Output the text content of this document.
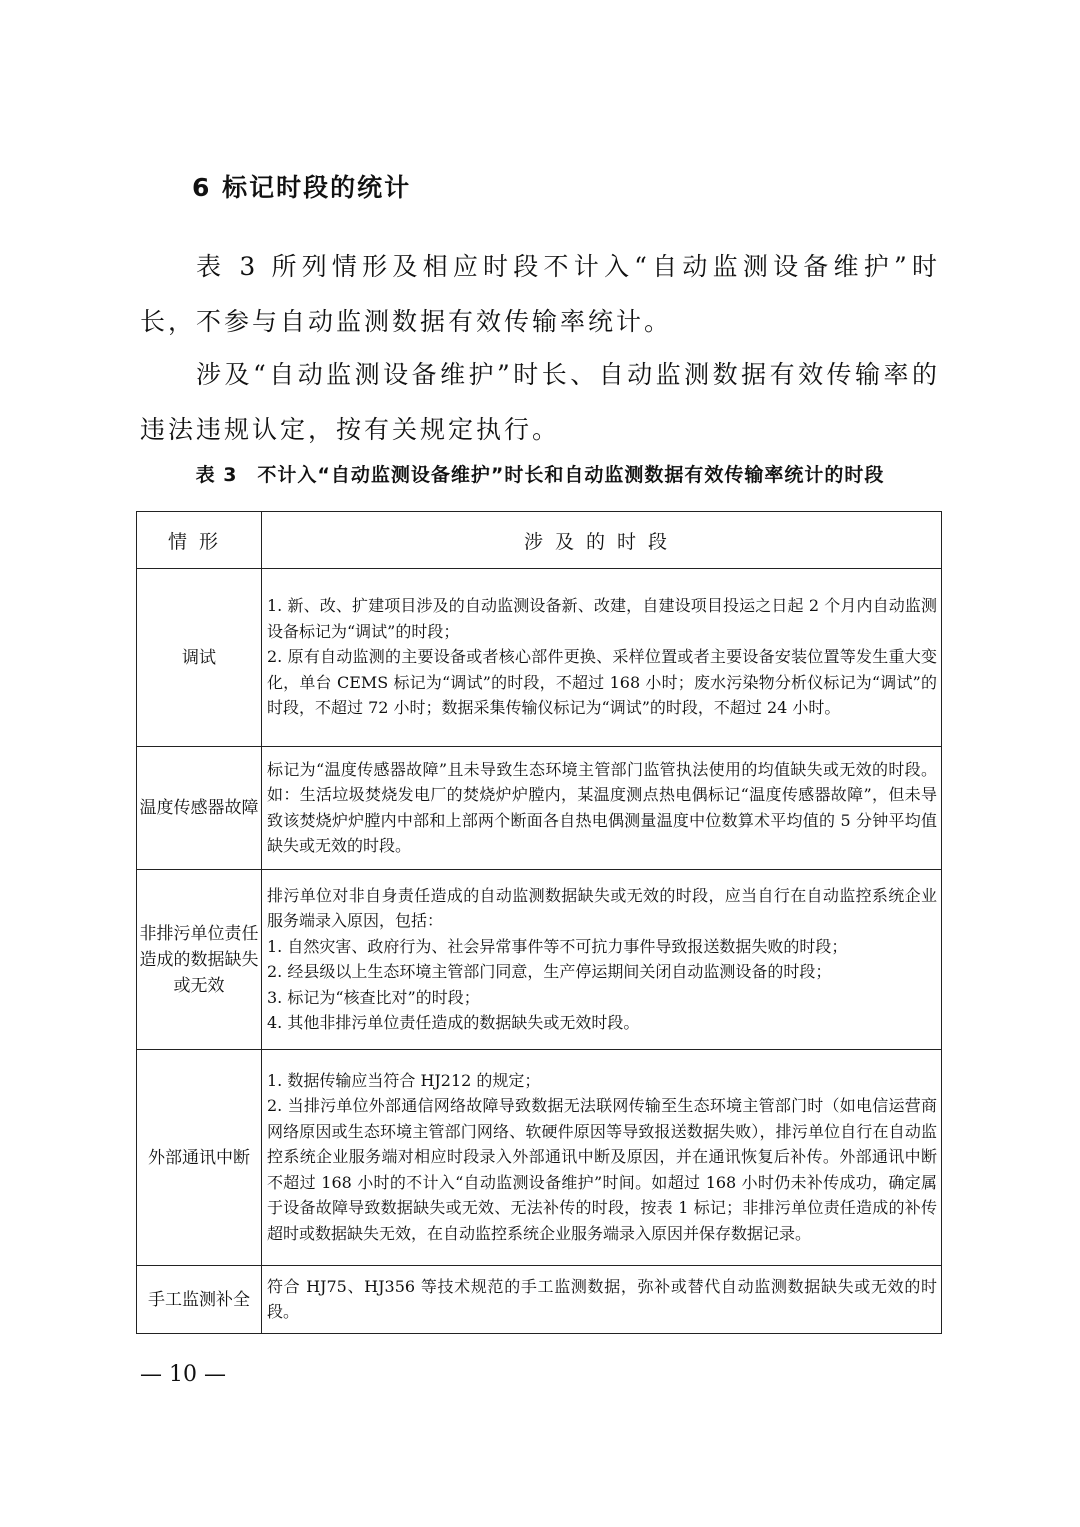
6 标记时段的统计

表 3 所列情形及相应时段不计入“自动监测设备维护”时长，不参与自动监测数据有效传输率统计。

涉及“自动监测设备维护”时长、自动监测数据有效传输率的违法违规认定，按有关规定执行。

表 3　不计入“自动监测设备维护”时长和自动监测数据有效传输率统计的时段
情形	涉及的时段
调试	1. 新、改、扩建项目涉及的自动监测设备新、改建，自建设项目投运之日起 2 个月内自动监测设备标记为“调试”的时段；
2. 原有自动监测的主要设备或者核心部件更换、采样位置或者主要设备安装位置等发生重大变化，单台 CEMS 标记为“调试”的时段，不超过 168 小时；废水污染物分析仪标记为“调试”的时段，不超过 72 小时；数据采集传输仪标记为“调试”的时段，不超过 24 小时。

温度传感器故障	标记为“温度传感器故障”且未导致生态环境主管部门监管执法使用的均值缺失或无效的时段。如：生活垃圾焚烧发电厂的焚烧炉炉膛内，某温度测点热电偶标记“温度传感器故障”，但未导致该焚烧炉炉膛内中部和上部两个断面各自热电偶测量温度中位数算术平均值的 5 分钟平均值缺失或无效的时段。

非排污单位责任造成的数据缺失或无效	排污单位对非自身责任造成的自动监测数据缺失或无效的时段，应当自行在自动监控系统企业服务端录入原因，包括：
1. 自然灾害、政府行为、社会异常事件等不可抗力事件导致报送数据失败的时段；
2. 经县级以上生态环境主管部门同意，生产停运期间关闭自动监测设备的时段；
3. 标记为“核查比对”的时段；
4. 其他非排污单位责任造成的数据缺失或无效时段。

外部通讯中断	1. 数据传输应当符合 HJ212 的规定；
2. 当排污单位外部通信网络故障导致数据无法联网传输至生态环境主管部门时（如电信运营商网络原因或生态环境主管部门网络、软硬件原因等导致报送数据失败），排污单位自行在自动监控系统企业服务端对相应时段录入外部通讯中断及原因，并在通讯恢复后补传。外部通讯中断不超过 168 小时的不计入“自动监测设备维护”时间。如超过 168 小时仍未补传成功，确定属于设备故障导致数据缺失或无效、无法补传的时段，按表 1 标记；非排污单位责任造成的补传超时或数据缺失无效，在自动监控系统企业服务端录入原因并保存数据记录。

手工监测补全	符合 HJ75、HJ356 等技术规范的手工监测数据，弥补或替代自动监测数据缺失或无效的时段。
— 10 —
